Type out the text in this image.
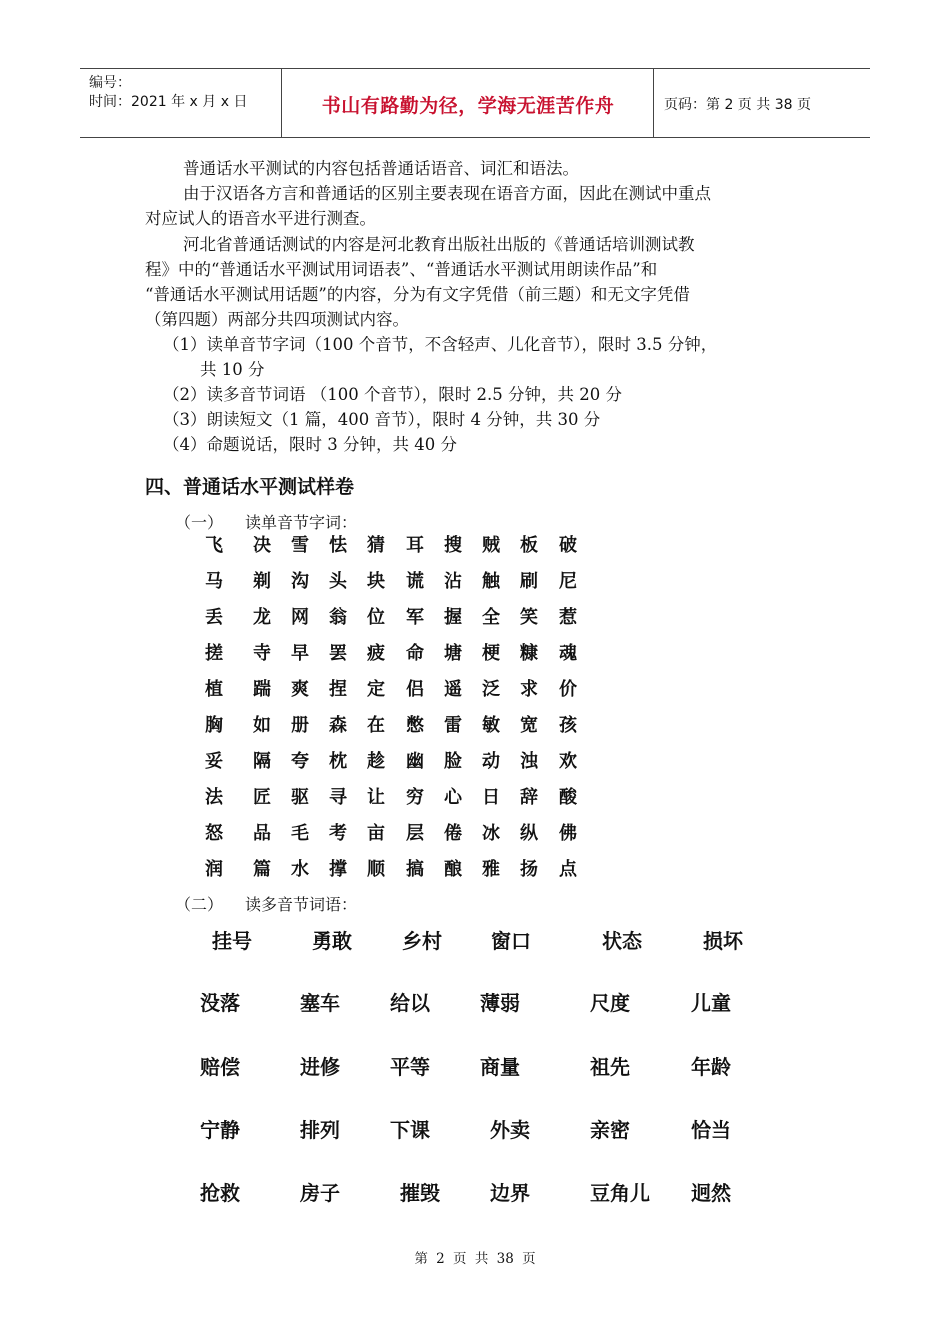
编号：
时间：2021 年 x 月 x 日	书山有路勤为径，学海无涯苦作舟	页码：第 2 页 共 38 页
普通话水平测试的内容包括普通话语音、词汇和语法。
由于汉语各方言和普通话的区别主要表现在语音方面，因此在测试中重点
对应试人的语音水平进行测查。
河北省普通话测试的内容是河北教育出版社出版的《普通话培训测试教
程》中的“普通话水平测试用词语表”、“普通话水平测试用朗读作品”和
“普通话水平测试用话题”的内容，分为有文字凭借（前三题）和无文字凭借
（第四题）两部分共四项测试内容。
（1）读单音节字词（100 个音节，不含轻声、儿化音节），限时 3.5 分钟，
共 10 分
（2）读多音节词语 （100 个音节），限时 2.5 分钟，共 20 分
（3）朗读短文（1 篇，400 音节），限时 4 分钟，共 30 分
（4）命题说话，限时 3 分钟，共 40 分
四、普通话水平测试样卷
（一） 读单音节字词：
飞 决 雪 怯 猜 耳 搜 贼 板 破
马 剃 沟 头 块 谎 沾 触 刷 尼
丢 龙 网 翁 位 军 握 全 笑 惹
搓 寺 早 罢 疲 命 塘 梗 糠 魂
植 踹 爽 捏 定 侣 遥 泛 求 价
胸 如 册 森 在 憋 雷 敏 宽 孩
妥 隔 夸 枕 趁 幽 脸 动 浊 欢
法 匠 驱 寻 让 穷 心 日 辞 酸
怒 品 毛 考 亩 层 倦 冰 纵 佛
润 篇 水 撑 顺 搞 酿 雅 扬 点
（二） 读多音节词语：
挂号	勇敢	乡村 窗口	状态	损坏
没落	塞车	给以	薄弱	尺度	儿童
赔偿	进修	平等	商量	祖先	年龄
宁静	排列	下课	外卖	亲密	恰当
抢救	房子	摧毁	边界	豆角儿 迥然
第 2 页 共 38 页
